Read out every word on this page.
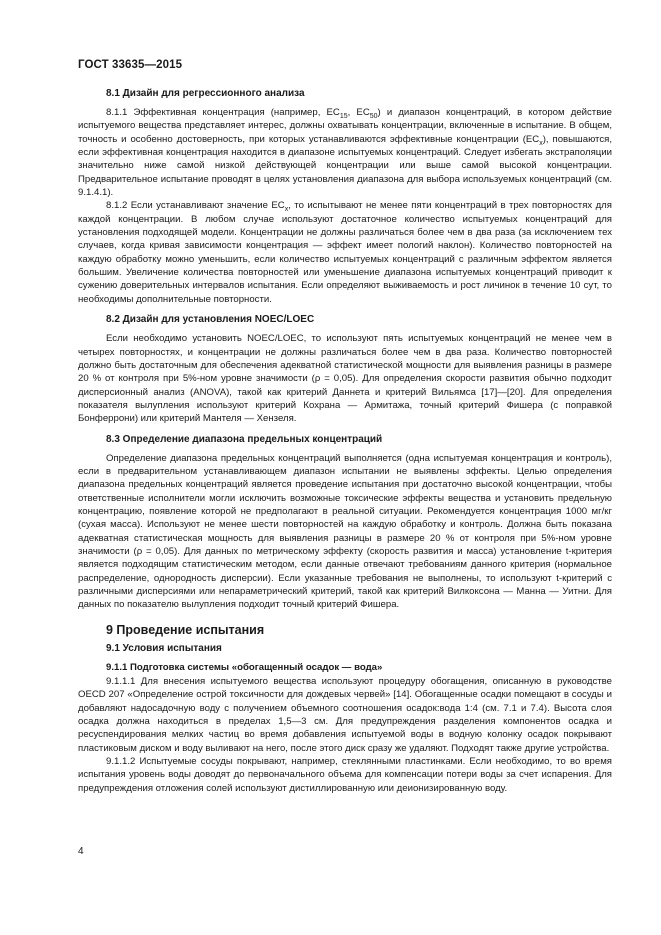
ГОСТ 33635—2015
8.1 Дизайн для регрессионного анализа

8.1.1 Эффективная концентрация (например, $EC_{15}$, $EC_{50}$) и диапазон концентраций, в котором действие испытуемого вещества представляет интерес, должны охватывать концентрации, включенные в испытание. В общем, точность и особенно достоверность, при которых устанавливаются эффективные концентрации $(EC_x)$, повышаются, если эффективная концентрация находится в диапазоне испытуемых концентраций. Следует избегать экстраполяции значительно ниже самой низкой действующей концентрации или выше самой высокой концентрации. Предварительное испытание проводят в целях установления диапазона для выбора используемых концентраций (см. 9.1.4.1).

8.1.2 Если устанавливают значение $EC_x$, то испытывают не менее пяти концентраций в трех повторностях для каждой концентрации. В любом случае используют достаточное количество испытуемых концентраций для установления подходящей модели. Концентрации не должны различаться более чем в два раза (за исключением тех случаев, когда кривая зависимости концентрация — эффект имеет пологий наклон). Количество повторностей на каждую обработку можно уменьшить, если количество испытуемых концентраций с различным эффектом является большим. Увеличение количества повторностей или уменьшение диапазона испытуемых концентраций приводит к сужению доверительных интервалов испытания. Если определяют выживаемость и рост личинок в течение 10 сут, то необходимы дополнительные повторности.

8.2 Дизайн для установления NOEC/LOEC

Если необходимо установить NOEC/LOEC, то используют пять испытуемых концентраций не менее чем в четырех повторностях, и концентрации не должны различаться более чем в два раза. Количество повторностей должно быть достаточным для обеспечения адекватной статистической мощности для выявления разницы в размере 20 % от контроля при 5%-ном уровне значимости (ρ = 0,05). Для определения скорости развития обычно подходит дисперсионный анализ (ANOVA), такой как критерий Даннета и критерий Вильямса [17]—[20]. Для определения показателя вылупления используют критерий Кохрана — Армитажа, точный критерий Фишера (с поправкой Бонферрони) или критерий Мантеля — Хензеля.

8.3 Определение диапазона предельных концентраций

Определение диапазона предельных концентраций выполняется (одна испытуемая концентрация и контроль), если в предварительном устанавливающем диапазон испытании не выявлены эффекты. Целью определения диапазона предельных концентраций является проведение испытания при достаточно высокой концентрации, чтобы ответственные исполнители могли исключить возможные токсические эффекты вещества и установить предельную концентрацию, появление которой не предполагают в реальной ситуации. Рекомендуется концентрация 1000 мг/кг (сухая масса). Используют не менее шести повторностей на каждую обработку и контроль. Должна быть показана адекватная статистическая мощность для выявления разницы в размере 20 % от контроля при 5%-ном уровне значимости (ρ = 0,05). Для данных по метрическому эффекту (скорость развития и масса) установление t-критерия является подходящим статистическим методом, если данные отвечают требованиям данного критерия (нормальное распределение, однородность дисперсии). Если указанные требования не выполнены, то используют t-критерий с различными дисперсиями или непараметрический критерий, такой как критерий Вилкоксона — Манна — Уитни. Для данных по показателю вылупления подходит точный критерий Фишера.

9 Проведение испытания
9.1 Условия испытания
9.1.1 Подготовка системы «обогащенный осадок — вода»

9.1.1.1 Для внесения испытуемого вещества используют процедуру обогащения, описанную в руководстве OECD 207 «Определение острой токсичности для дождевых червей» [14]. Обогащенные осадки помещают в сосуды и добавляют надосадочную воду с получением объемного соотношения осадок:вода 1:4 (см. 7.1 и 7.4). Высота слоя осадка должна находиться в пределах 1,5—3 см. Для предупреждения разделения компонентов осадка и ресуспендирования мелких частиц во время добавления испытуемой воды в водную колонку осадок покрывают пластиковым диском и воду выливают на него, после этого диск сразу же удаляют. Подходят также другие устройства.

9.1.1.2 Испытуемые сосуды покрывают, например, стеклянными пластинками. Если необходимо, то во время испытания уровень воды доводят до первоначального объема для компенсации потери воды за счет испарения. Для предупреждения отложения солей используют дистиллированную или деионизированную воду.

4
